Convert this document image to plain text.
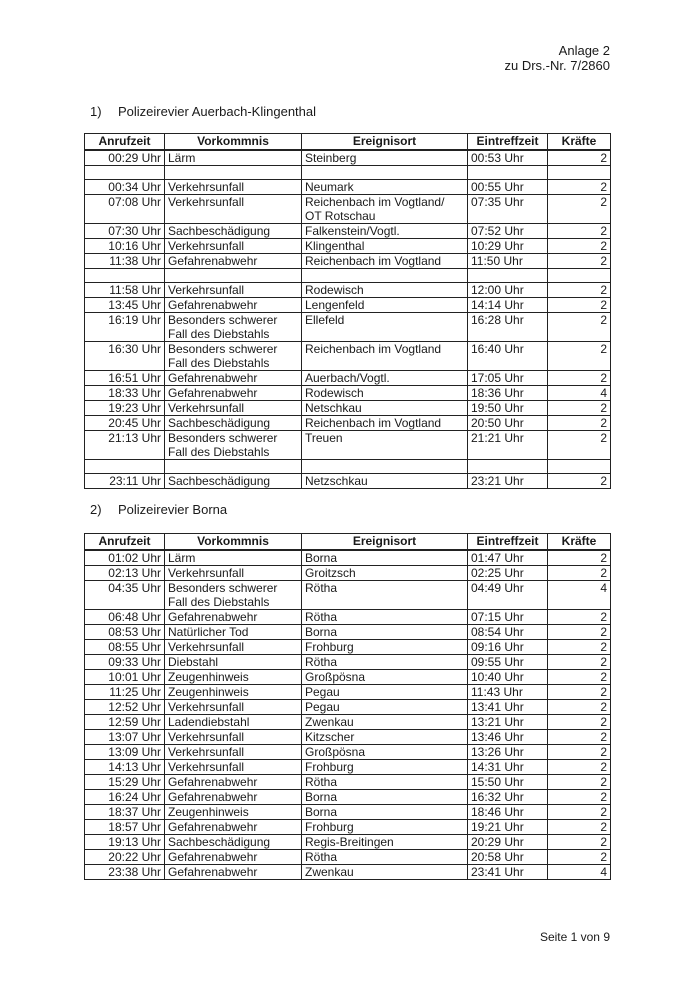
Anlage 2
zu Drs.-Nr. 7/2860
1) Polizeirevier Auerbach-Klingenthal
Anrufzeit	Vorkommnis	Ereignisort	Eintreffzeit	Kräfte
00:29 Uhr	Lärm	Steinberg	00:53 Uhr	2

00:34 Uhr	Verkehrsunfall	Neumark	00:55 Uhr	2
07:08 Uhr	Verkehrsunfall	Reichenbach im Vogtland/
OT Rotschau	07:35 Uhr	2
07:30 Uhr	Sachbeschädigung	Falkenstein/Vogtl.	07:52 Uhr	2
10:16 Uhr	Verkehrsunfall	Klingenthal	10:29 Uhr	2
11:38 Uhr	Gefahrenabwehr	Reichenbach im Vogtland	11:50 Uhr	2

11:58 Uhr	Verkehrsunfall	Rodewisch	12:00 Uhr	2
13:45 Uhr	Gefahrenabwehr	Lengenfeld	14:14 Uhr	2
16:19 Uhr	Besonders schwerer
Fall des Diebstahls	Ellefeld	16:28 Uhr	2
16:30 Uhr	Besonders schwerer
Fall des Diebstahls	Reichenbach im Vogtland	16:40 Uhr	2
16:51 Uhr	Gefahrenabwehr	Auerbach/Vogtl.	17:05 Uhr	2
18:33 Uhr	Gefahrenabwehr	Rodewisch	18:36 Uhr	4
19:23 Uhr	Verkehrsunfall	Netschkau	19:50 Uhr	2
20:45 Uhr	Sachbeschädigung	Reichenbach im Vogtland	20:50 Uhr	2
21:13 Uhr	Besonders schwerer
Fall des Diebstahls	Treuen	21:21 Uhr	2

23:11 Uhr	Sachbeschädigung	Netzschkau	23:21 Uhr	2
2) Polizeirevier Borna
Anrufzeit	Vorkommnis	Ereignisort	Eintreffzeit	Kräfte
01:02 Uhr	Lärm	Borna	01:47 Uhr	2
02:13 Uhr	Verkehrsunfall	Groitzsch	02:25 Uhr	2
04:35 Uhr	Besonders schwerer
Fall des Diebstahls	Rötha	04:49 Uhr	4
06:48 Uhr	Gefahrenabwehr	Rötha	07:15 Uhr	2
08:53 Uhr	Natürlicher Tod	Borna	08:54 Uhr	2
08:55 Uhr	Verkehrsunfall	Frohburg	09:16 Uhr	2
09:33 Uhr	Diebstahl	Rötha	09:55 Uhr	2
10:01 Uhr	Zeugenhinweis	Großpösna	10:40 Uhr	2
11:25 Uhr	Zeugenhinweis	Pegau	11:43 Uhr	2
12:52 Uhr	Verkehrsunfall	Pegau	13:41 Uhr	2
12:59 Uhr	Ladendiebstahl	Zwenkau	13:21 Uhr	2
13:07 Uhr	Verkehrsunfall	Kitzscher	13:46 Uhr	2
13:09 Uhr	Verkehrsunfall	Großpösna	13:26 Uhr	2
14:13 Uhr	Verkehrsunfall	Frohburg	14:31 Uhr	2
15:29 Uhr	Gefahrenabwehr	Rötha	15:50 Uhr	2
16:24 Uhr	Gefahrenabwehr	Borna	16:32 Uhr	2
18:37 Uhr	Zeugenhinweis	Borna	18:46 Uhr	2
18:57 Uhr	Gefahrenabwehr	Frohburg	19:21 Uhr	2
19:13 Uhr	Sachbeschädigung	Regis-Breitingen	20:29 Uhr	2
20:22 Uhr	Gefahrenabwehr	Rötha	20:58 Uhr	2
23:38 Uhr	Gefahrenabwehr	Zwenkau	23:41 Uhr	4
Seite 1 von 9
